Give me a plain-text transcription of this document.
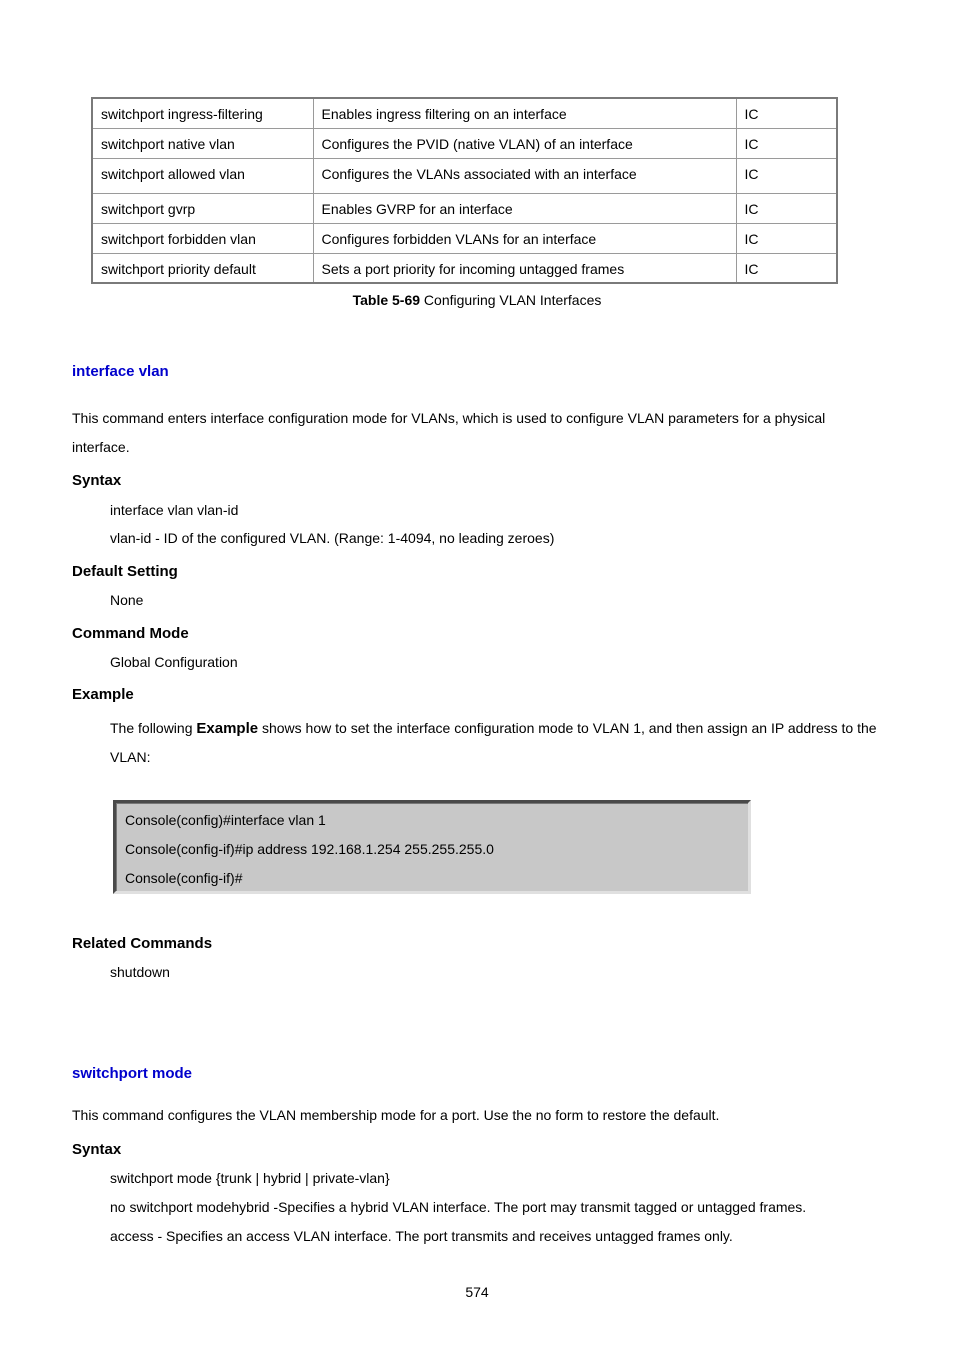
switchport ingress-filtering	Enables ingress filtering on an interface	IC
switchport native vlan	Configures the PVID (native VLAN) of an interface	IC
switchport allowed vlan	Configures the VLANs associated with an interface	IC
switchport gvrp	Enables GVRP for an interface	IC
switchport forbidden vlan	Configures forbidden VLANs for an interface	IC
switchport priority default	Sets a port priority for incoming untagged frames	IC
Table 5-69 Configuring VLAN Interfaces
interface vlan
This command enters interface configuration mode for VLANs, which is used to configure VLAN parameters for a physical interface.
Syntax
interface vlan vlan-id
vlan-id - ID of the configured VLAN. (Range: 1-4094, no leading zeroes)
Default Setting
None
Command Mode
Global Configuration
Example
The following Example shows how to set the interface configuration mode to VLAN 1, and then assign an IP address to the VLAN:
Console(config)#interface vlan 1
Console(config-if)#ip address 192.168.1.254 255.255.255.0
Console(config-if)#
Related Commands
shutdown
switchport mode
This command configures the VLAN membership mode for a port. Use the no form to restore the default.
Syntax
switchport mode {trunk | hybrid | private-vlan}
no switchport modehybrid -Specifies a hybrid VLAN interface. The port may transmit tagged or untagged frames.
access - Specifies an access VLAN interface. The port transmits and receives untagged frames only.
574
